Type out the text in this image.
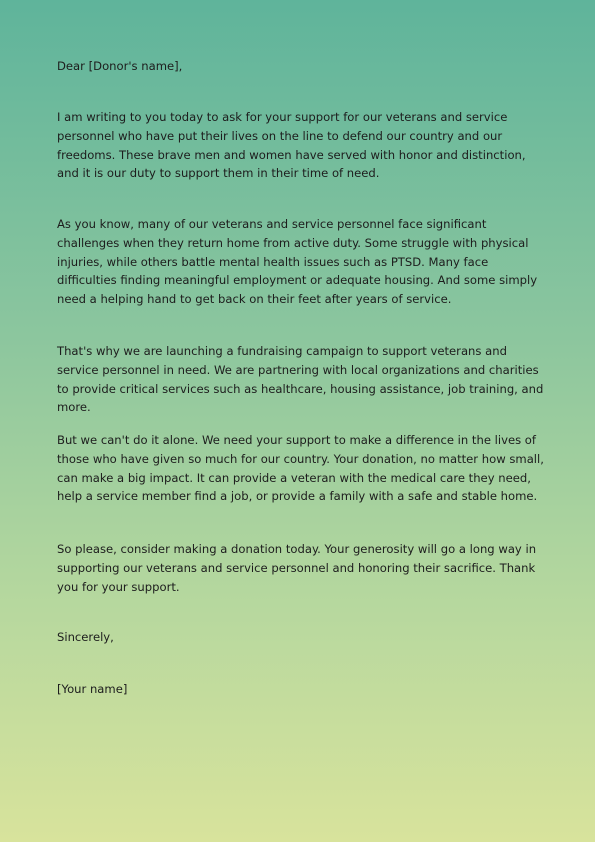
Dear [Donor's name],

I am writing to you today to ask for your support for our veterans and service personnel who have put their lives on the line to defend our country and our freedoms. These brave men and women have served with honor and distinction, and it is our duty to support them in their time of need.

As you know, many of our veterans and service personnel face significant challenges when they return home from active duty. Some struggle with physical injuries, while others battle mental health issues such as PTSD. Many face difficulties finding meaningful employment or adequate housing. And some simply need a helping hand to get back on their feet after years of service.

That's why we are launching a fundraising campaign to support veterans and service personnel in need. We are partnering with local organizations and charities to provide critical services such as healthcare, housing assistance, job training, and more.

But we can't do it alone. We need your support to make a difference in the lives of those who have given so much for our country. Your donation, no matter how small, can make a big impact. It can provide a veteran with the medical care they need, help a service member find a job, or provide a family with a safe and stable home.

So please, consider making a donation today. Your generosity will go a long way in supporting our veterans and service personnel and honoring their sacrifice. Thank you for your support.

Sincerely,

[Your name]
